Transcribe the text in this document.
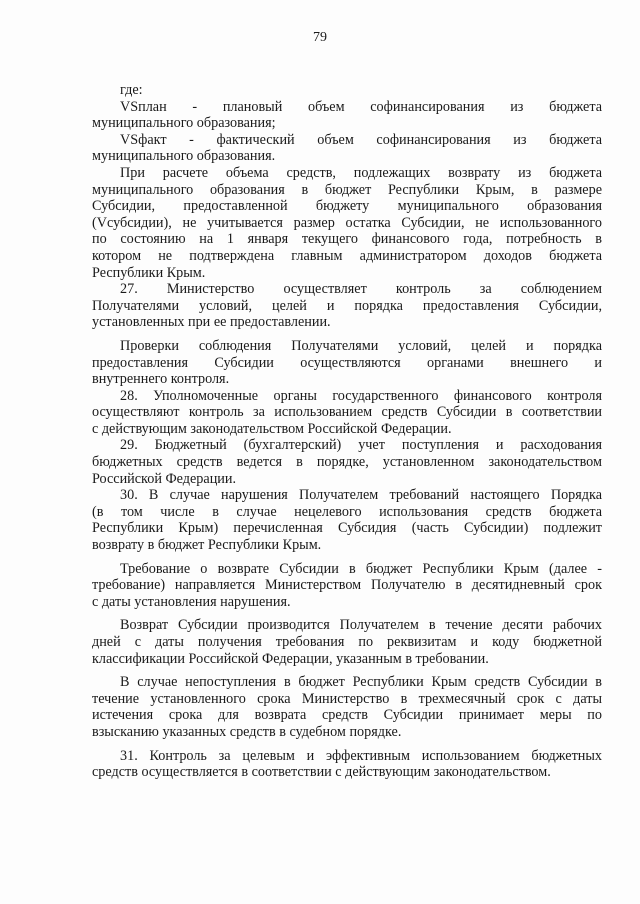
79
где:
VSплан - плановый объем софинансирования из бюджета
муниципального образования;
VSфакт - фактический объем софинансирования из бюджета
муниципального образования.
При расчете объема средств, подлежащих возврату из бюджета
муниципального образования в бюджет Республики Крым, в размере
Субсидии, предоставленной бюджету муниципального образования
(Vсубсидии), не учитывается размер остатка Субсидии, не использованного
по состоянию на 1 января текущего финансового года, потребность в
котором не подтверждена главным администратором доходов бюджета
Республики Крым.
27. Министерство осуществляет контроль за соблюдением
Получателями условий, целей и порядка предоставления Субсидии,
установленных при ее предоставлении.
Проверки соблюдения Получателями условий, целей и порядка
предоставления Субсидии осуществляются органами внешнего и
внутреннего контроля.
28. Уполномоченные органы государственного финансового контроля
осуществляют контроль за использованием средств Субсидии в соответствии
с действующим законодательством Российской Федерации.
29. Бюджетный (бухгалтерский) учет поступления и расходования
бюджетных средств ведется в порядке, установленном законодательством
Российской Федерации.
30. В случае нарушения Получателем требований настоящего Порядка
(в том числе в случае нецелевого использования средств бюджета
Республики Крым) перечисленная Субсидия (часть Субсидии) подлежит
возврату в бюджет Республики Крым.
Требование о возврате Субсидии в бюджет Республики Крым (далее -
требование) направляется Министерством Получателю в десятидневный срок
с даты установления нарушения.
Возврат Субсидии производится Получателем в течение десяти рабочих
дней с даты получения требования по реквизитам и коду бюджетной
классификации Российской Федерации, указанным в требовании.
В случае непоступления в бюджет Республики Крым средств Субсидии в
течение установленного срока Министерство в трехмесячный срок с даты
истечения срока для возврата средств Субсидии принимает меры по
взысканию указанных средств в судебном порядке.
31. Контроль за целевым и эффективным использованием бюджетных
средств осуществляется в соответствии с действующим законодательством.
